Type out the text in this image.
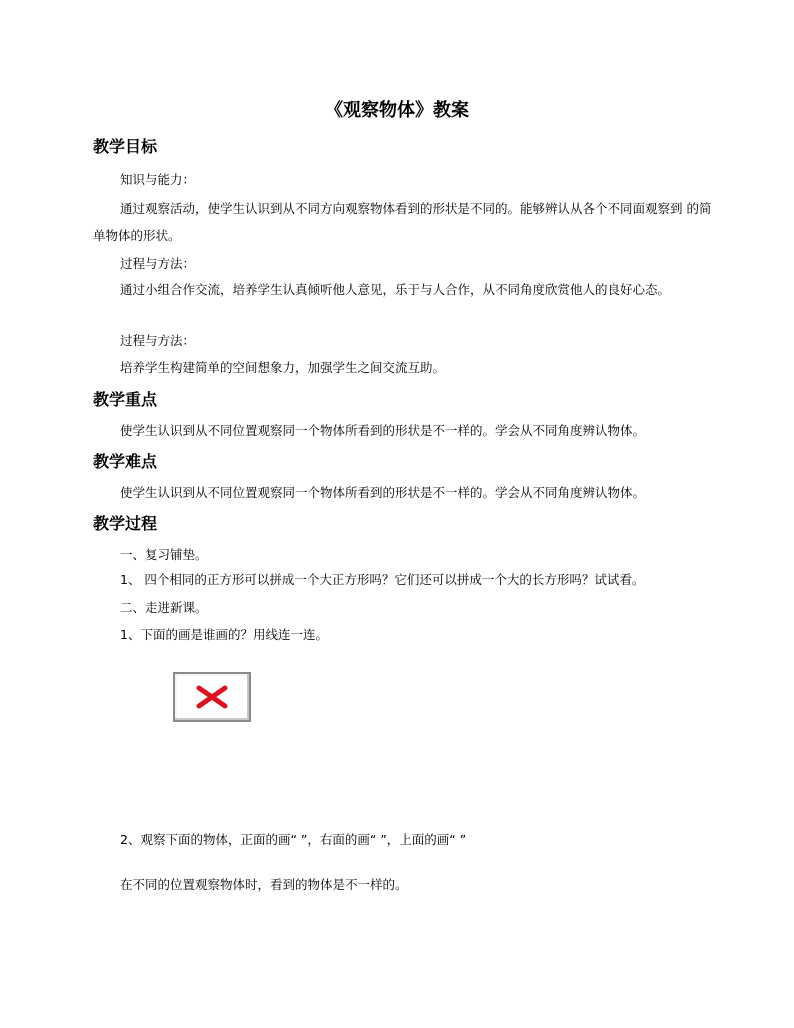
《观察物体》教案
教学目标
知识与能力：
通过观察活动，使学生认识到从不同方向观察物体看到的形状是不同的。能够辨认从各个不同面观察到 的简单物体的形状。
过程与方法：
通过小组合作交流，培养学生认真倾听他人意见，乐于与人合作，从不同角度欣赏他人的良好心态。
过程与方法：
培养学生构建简单的空间想象力，加强学生之间交流互助。
教学重点
使学生认识到从不同位置观察同一个物体所看到的形状是不一样的。学会从不同角度辨认物体。
教学难点
使学生认识到从不同位置观察同一个物体所看到的形状是不一样的。学会从不同角度辨认物体。
教学过程
一、复习铺垫。
1、 四个相同的正方形可以拼成一个大正方形吗？它们还可以拼成一个大的长方形吗？试试看。
二、走进新课。
1、下面的画是谁画的？用线连一连。
2、观察下面的物体，正面的画“ ”，右面的画“ ”，上面的画“ ”
在不同的位置观察物体时，看到的物体是不一样的。
